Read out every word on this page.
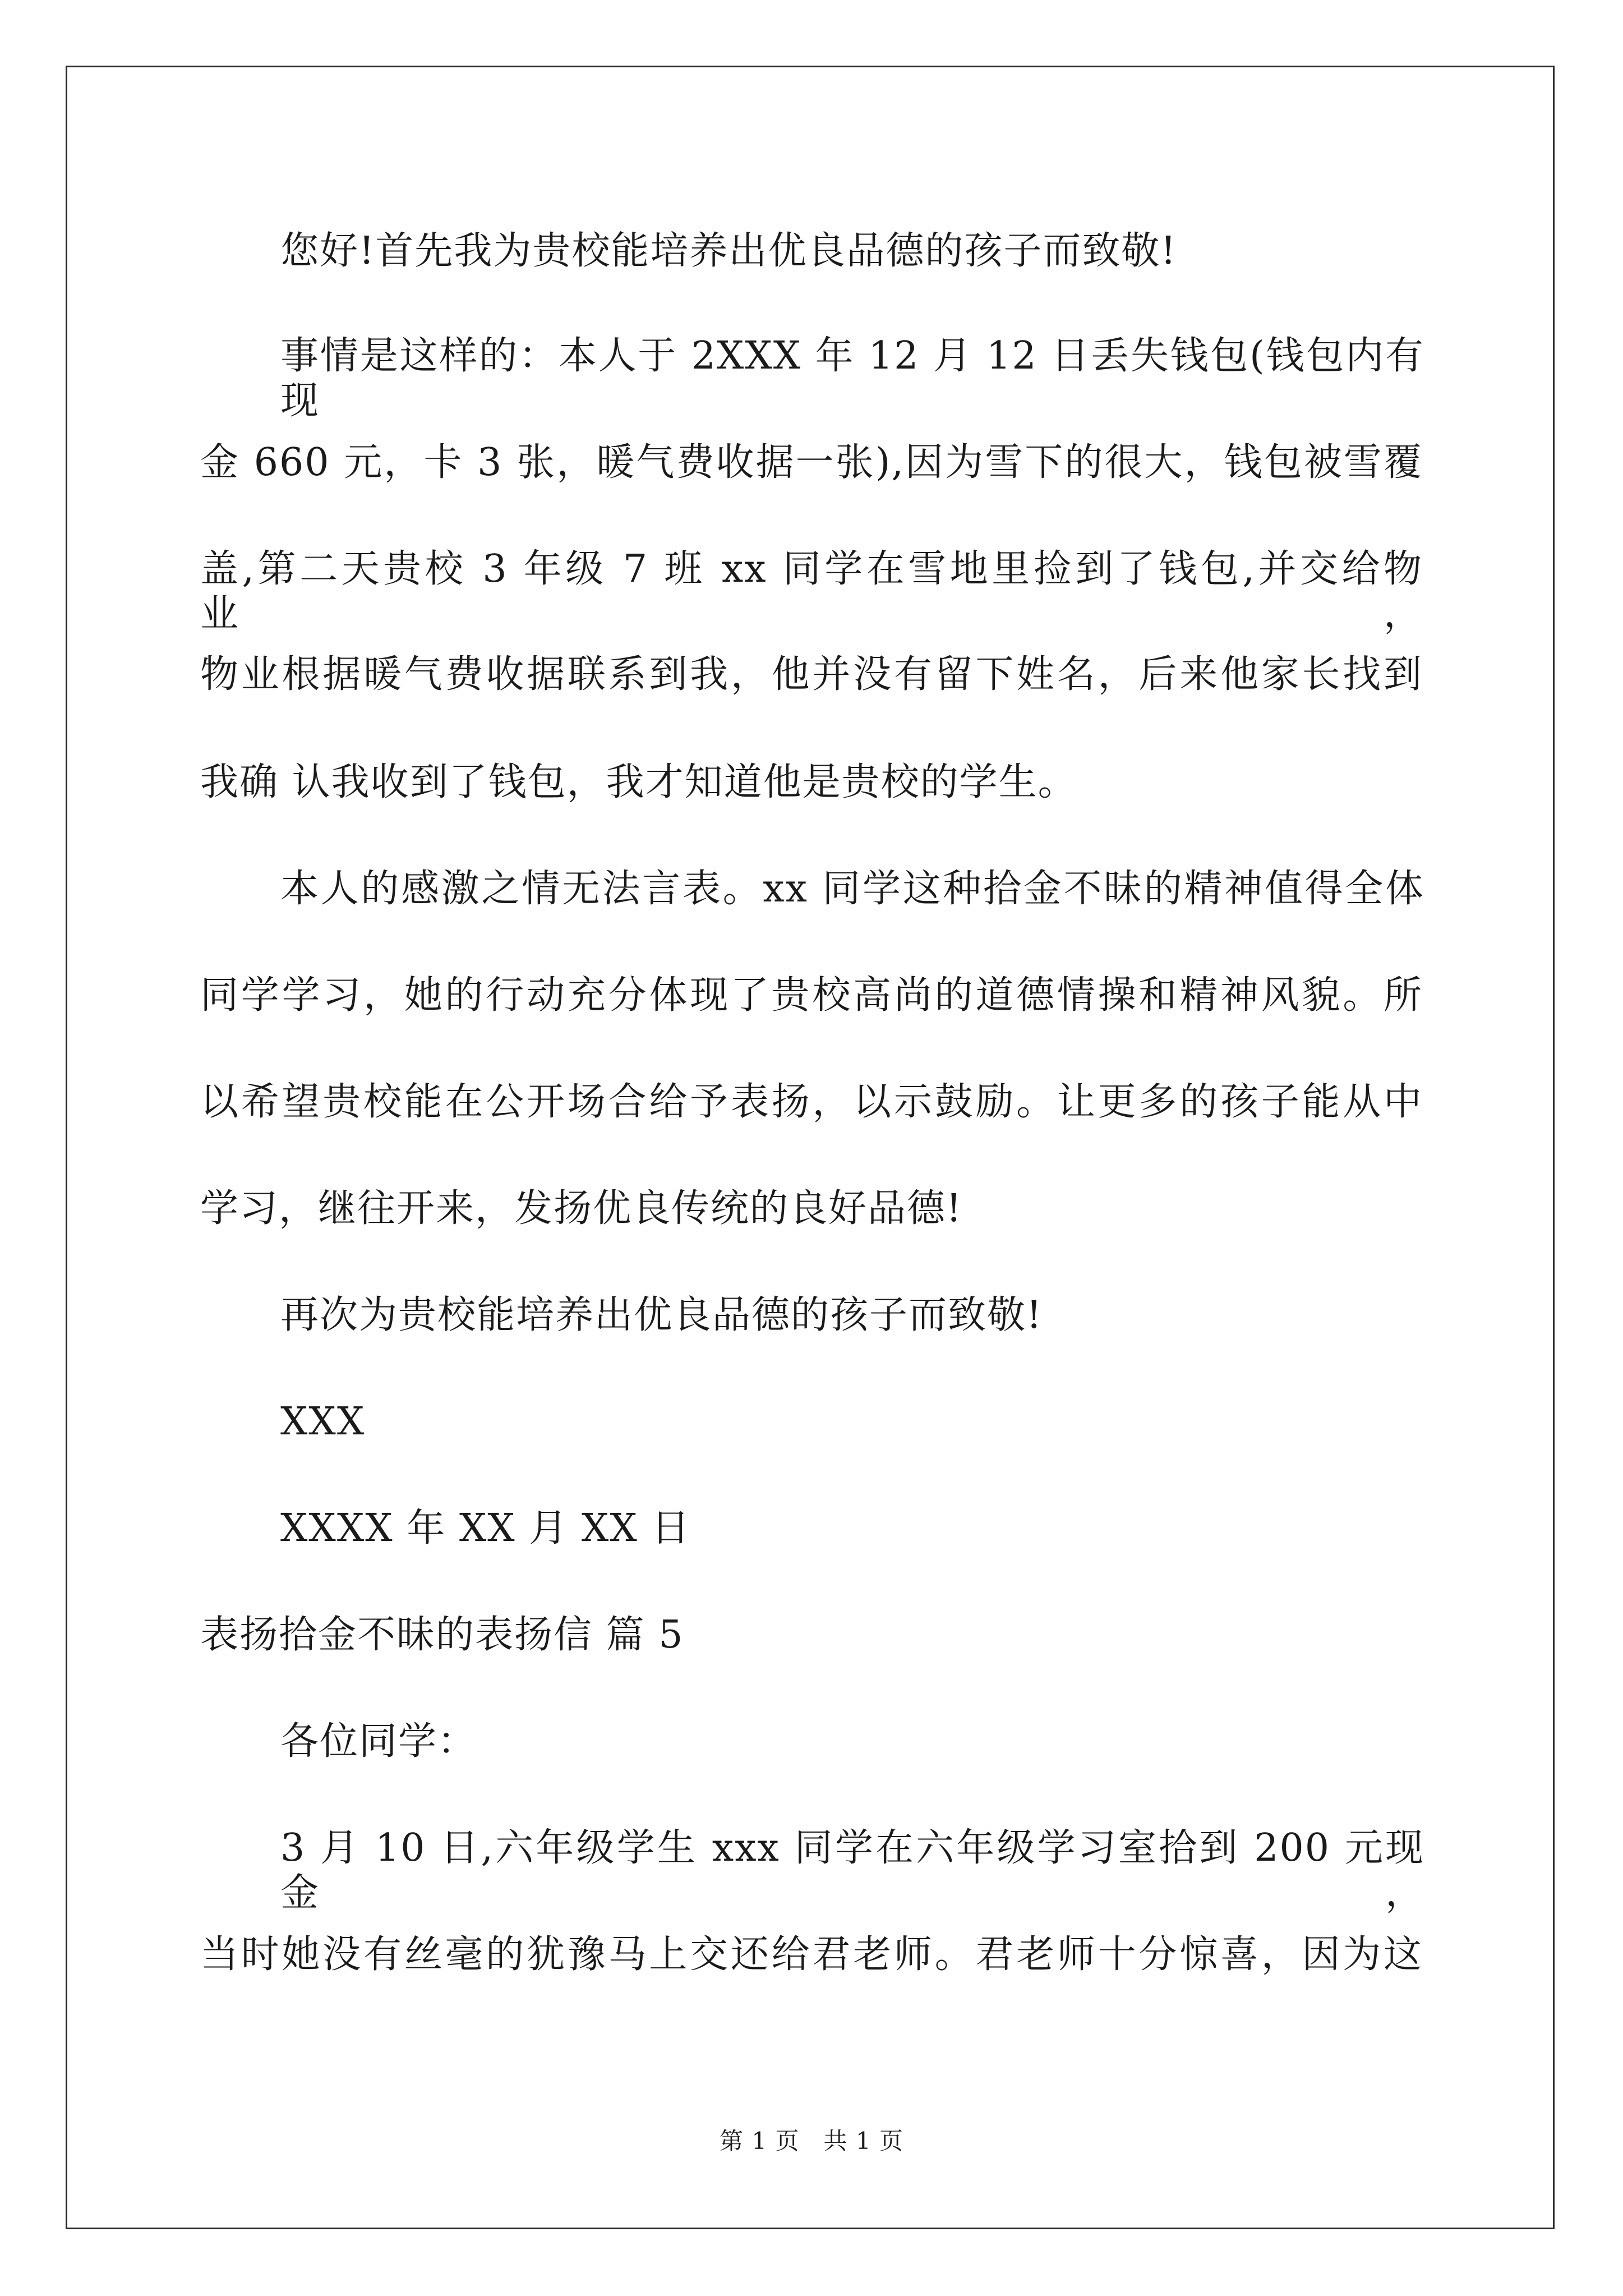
您好!首先我为贵校能培养出优良品德的孩子而致敬!
事情是这样的：本人于 2XXX 年 12 月 12 日丢失钱包(钱包内有现
金 660 元，卡 3 张，暖气费收据一张),因为雪下的很大，钱包被雪覆
盖,第二天贵校 3 年级 7 班 xx 同学在雪地里捡到了钱包,并交给物业，
物业根据暖气费收据联系到我，他并没有留下姓名，后来他家长找到
我确 认我收到了钱包，我才知道他是贵校的学生。
本人的感激之情无法言表。xx 同学这种拾金不昧的精神值得全体
同学学习，她的行动充分体现了贵校高尚的道德情操和精神风貌。所
以希望贵校能在公开场合给予表扬，以示鼓励。让更多的孩子能从中
学习，继往开来，发扬优良传统的良好品德!
再次为贵校能培养出优良品德的孩子而致敬!
XXX
XXXX 年 XX 月 XX 日
表扬拾金不昧的表扬信 篇 5
各位同学：
3 月 10 日,六年级学生 xxx 同学在六年级学习室拾到 200 元现金，
当时她没有丝毫的犹豫马上交还给君老师。君老师十分惊喜，因为这
第 1 页   共 1 页
